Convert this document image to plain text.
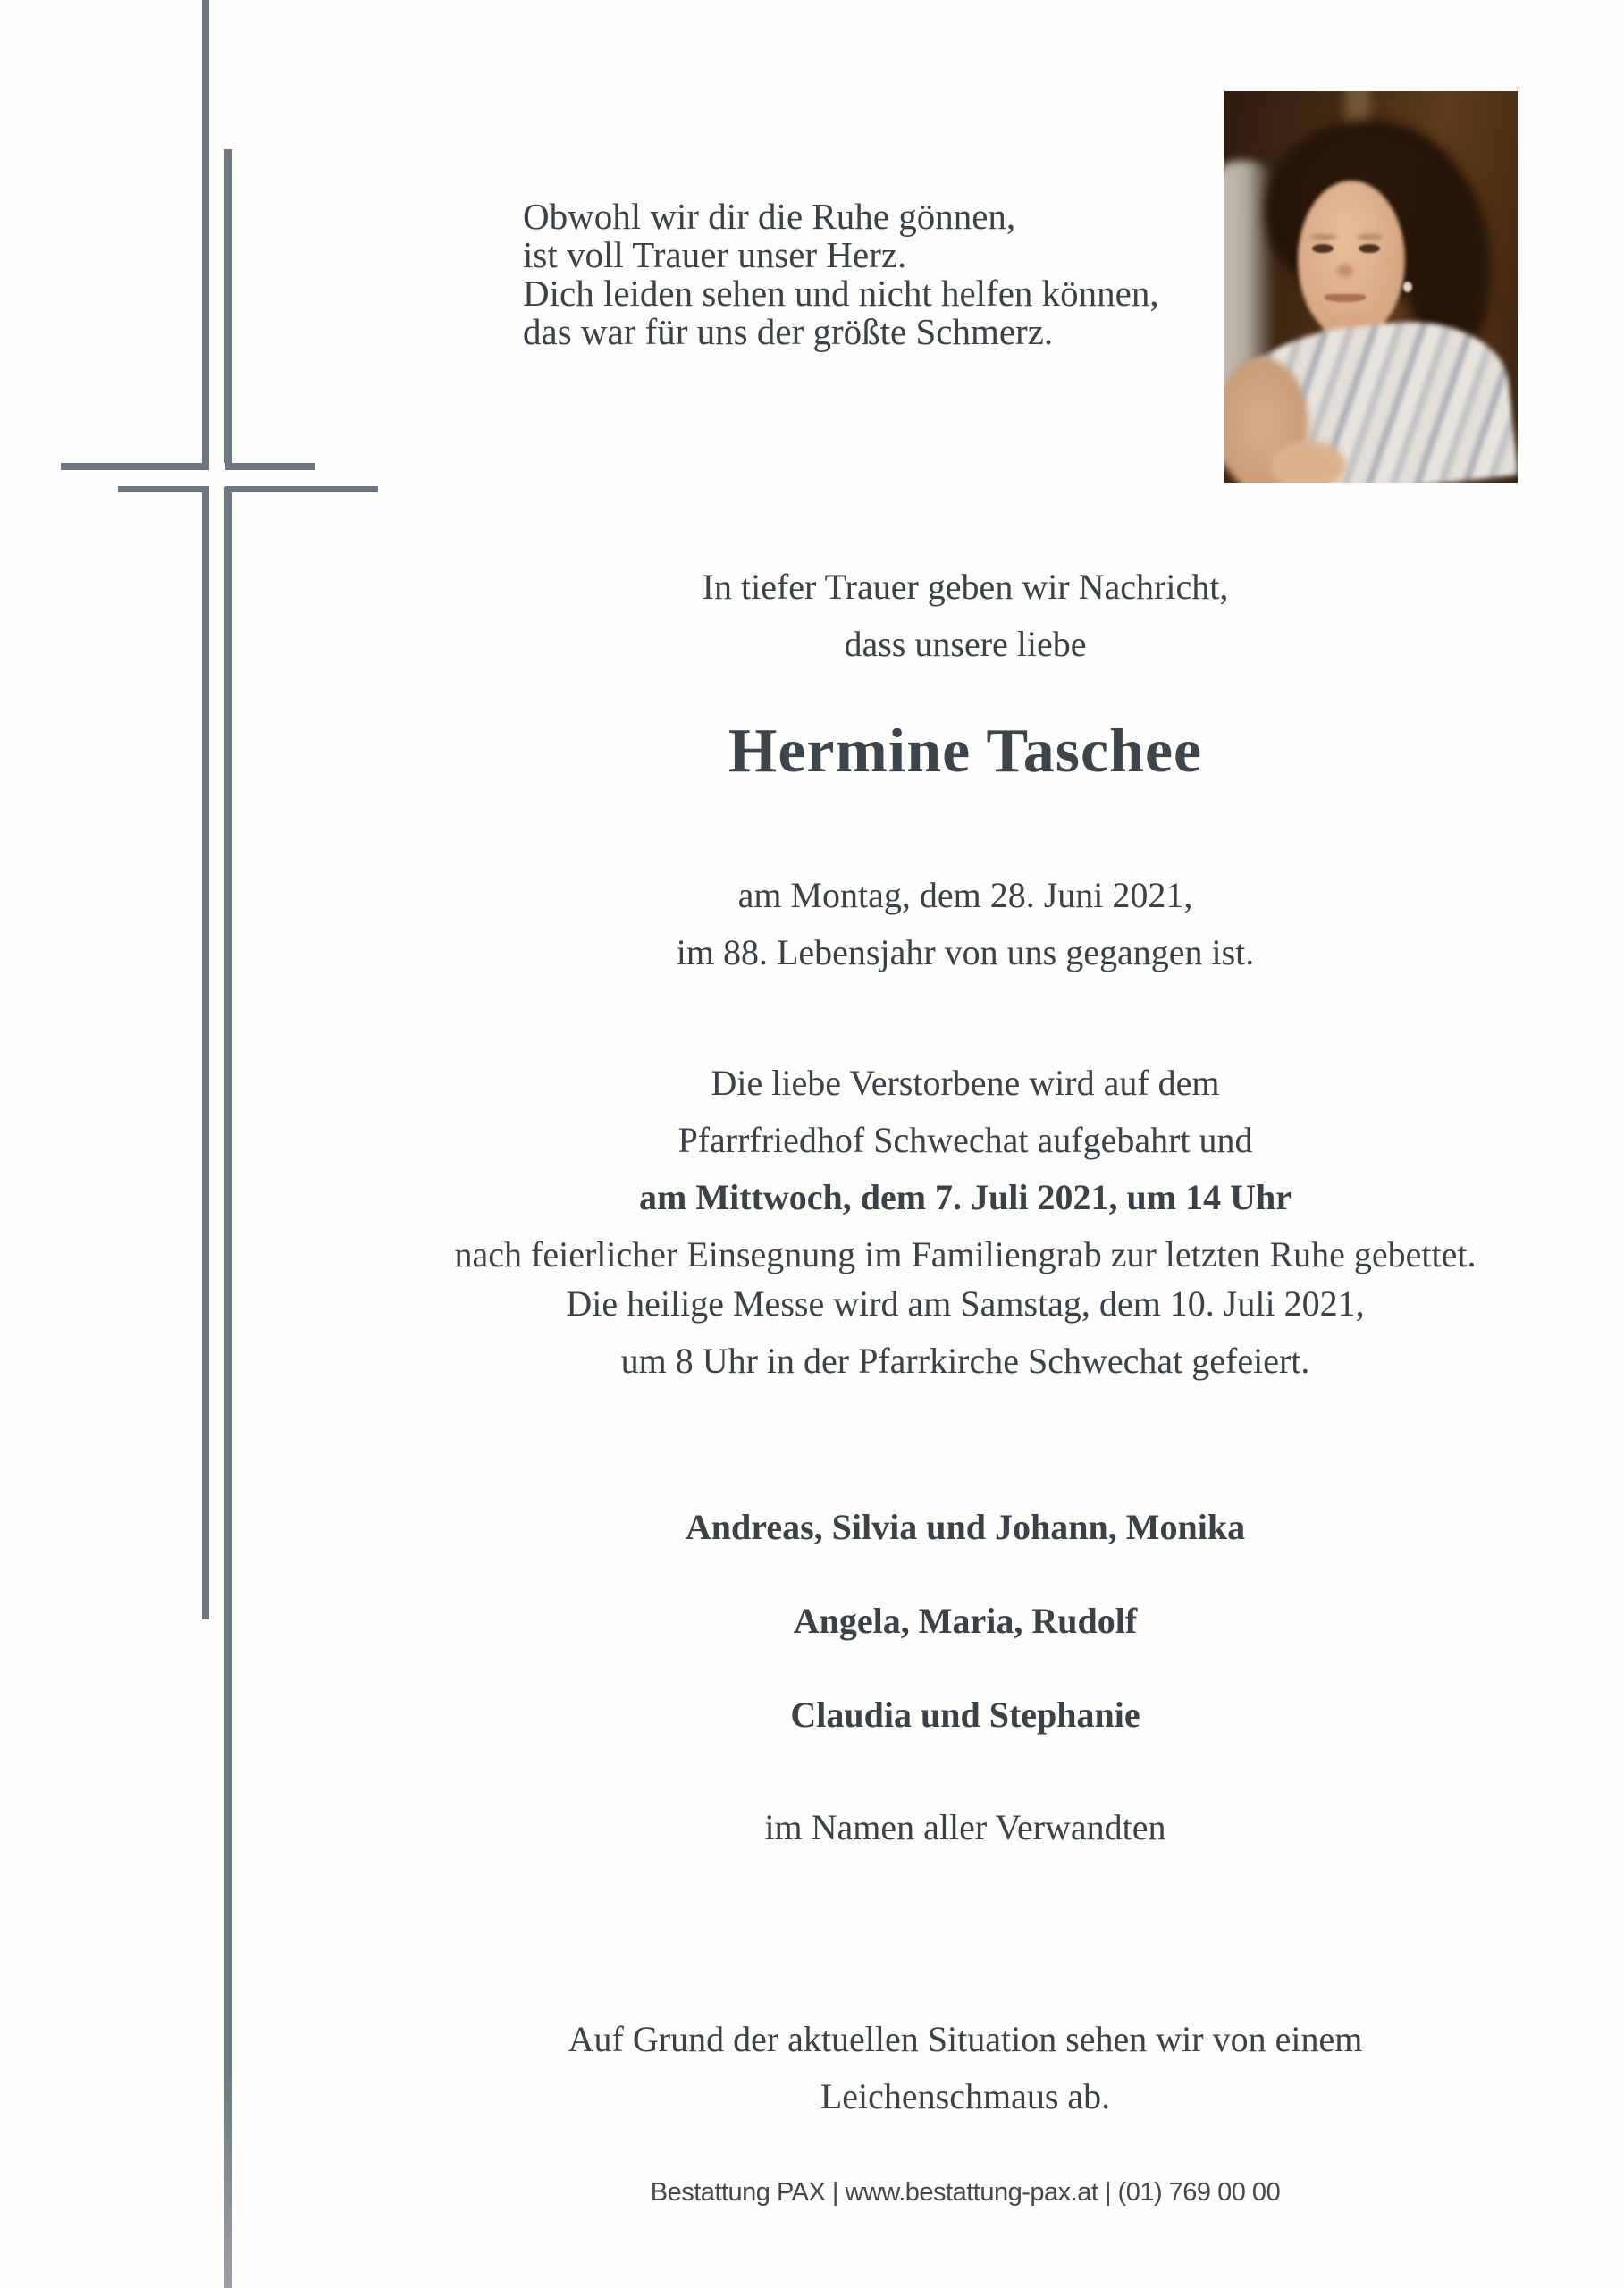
Obwohl wir dir die Ruhe gönnen,
ist voll Trauer unser Herz.
Dich leiden sehen und nicht helfen können,
das war für uns der größte Schmerz.
In tiefer Trauer geben wir Nachricht,
dass unsere liebe
Hermine Taschee
am Montag, dem 28. Juni 2021,
im 88. Lebensjahr von uns gegangen ist.
Die liebe Verstorbene wird auf dem
Pfarrfriedhof Schwechat aufgebahrt und
am Mittwoch, dem 7. Juli 2021, um 14 Uhr
nach feierlicher Einsegnung im Familiengrab zur letzten Ruhe gebettet.
Die heilige Messe wird am Samstag, dem 10. Juli 2021,
um 8 Uhr in der Pfarrkirche Schwechat gefeiert.
Andreas, Silvia und Johann, Monika
Angela, Maria, Rudolf
Claudia und Stephanie
im Namen aller Verwandten
Auf Grund der aktuellen Situation sehen wir von einem
Leichenschmaus ab.
Bestattung PAX | www.bestattung-pax.at | (01) 769 00 00
